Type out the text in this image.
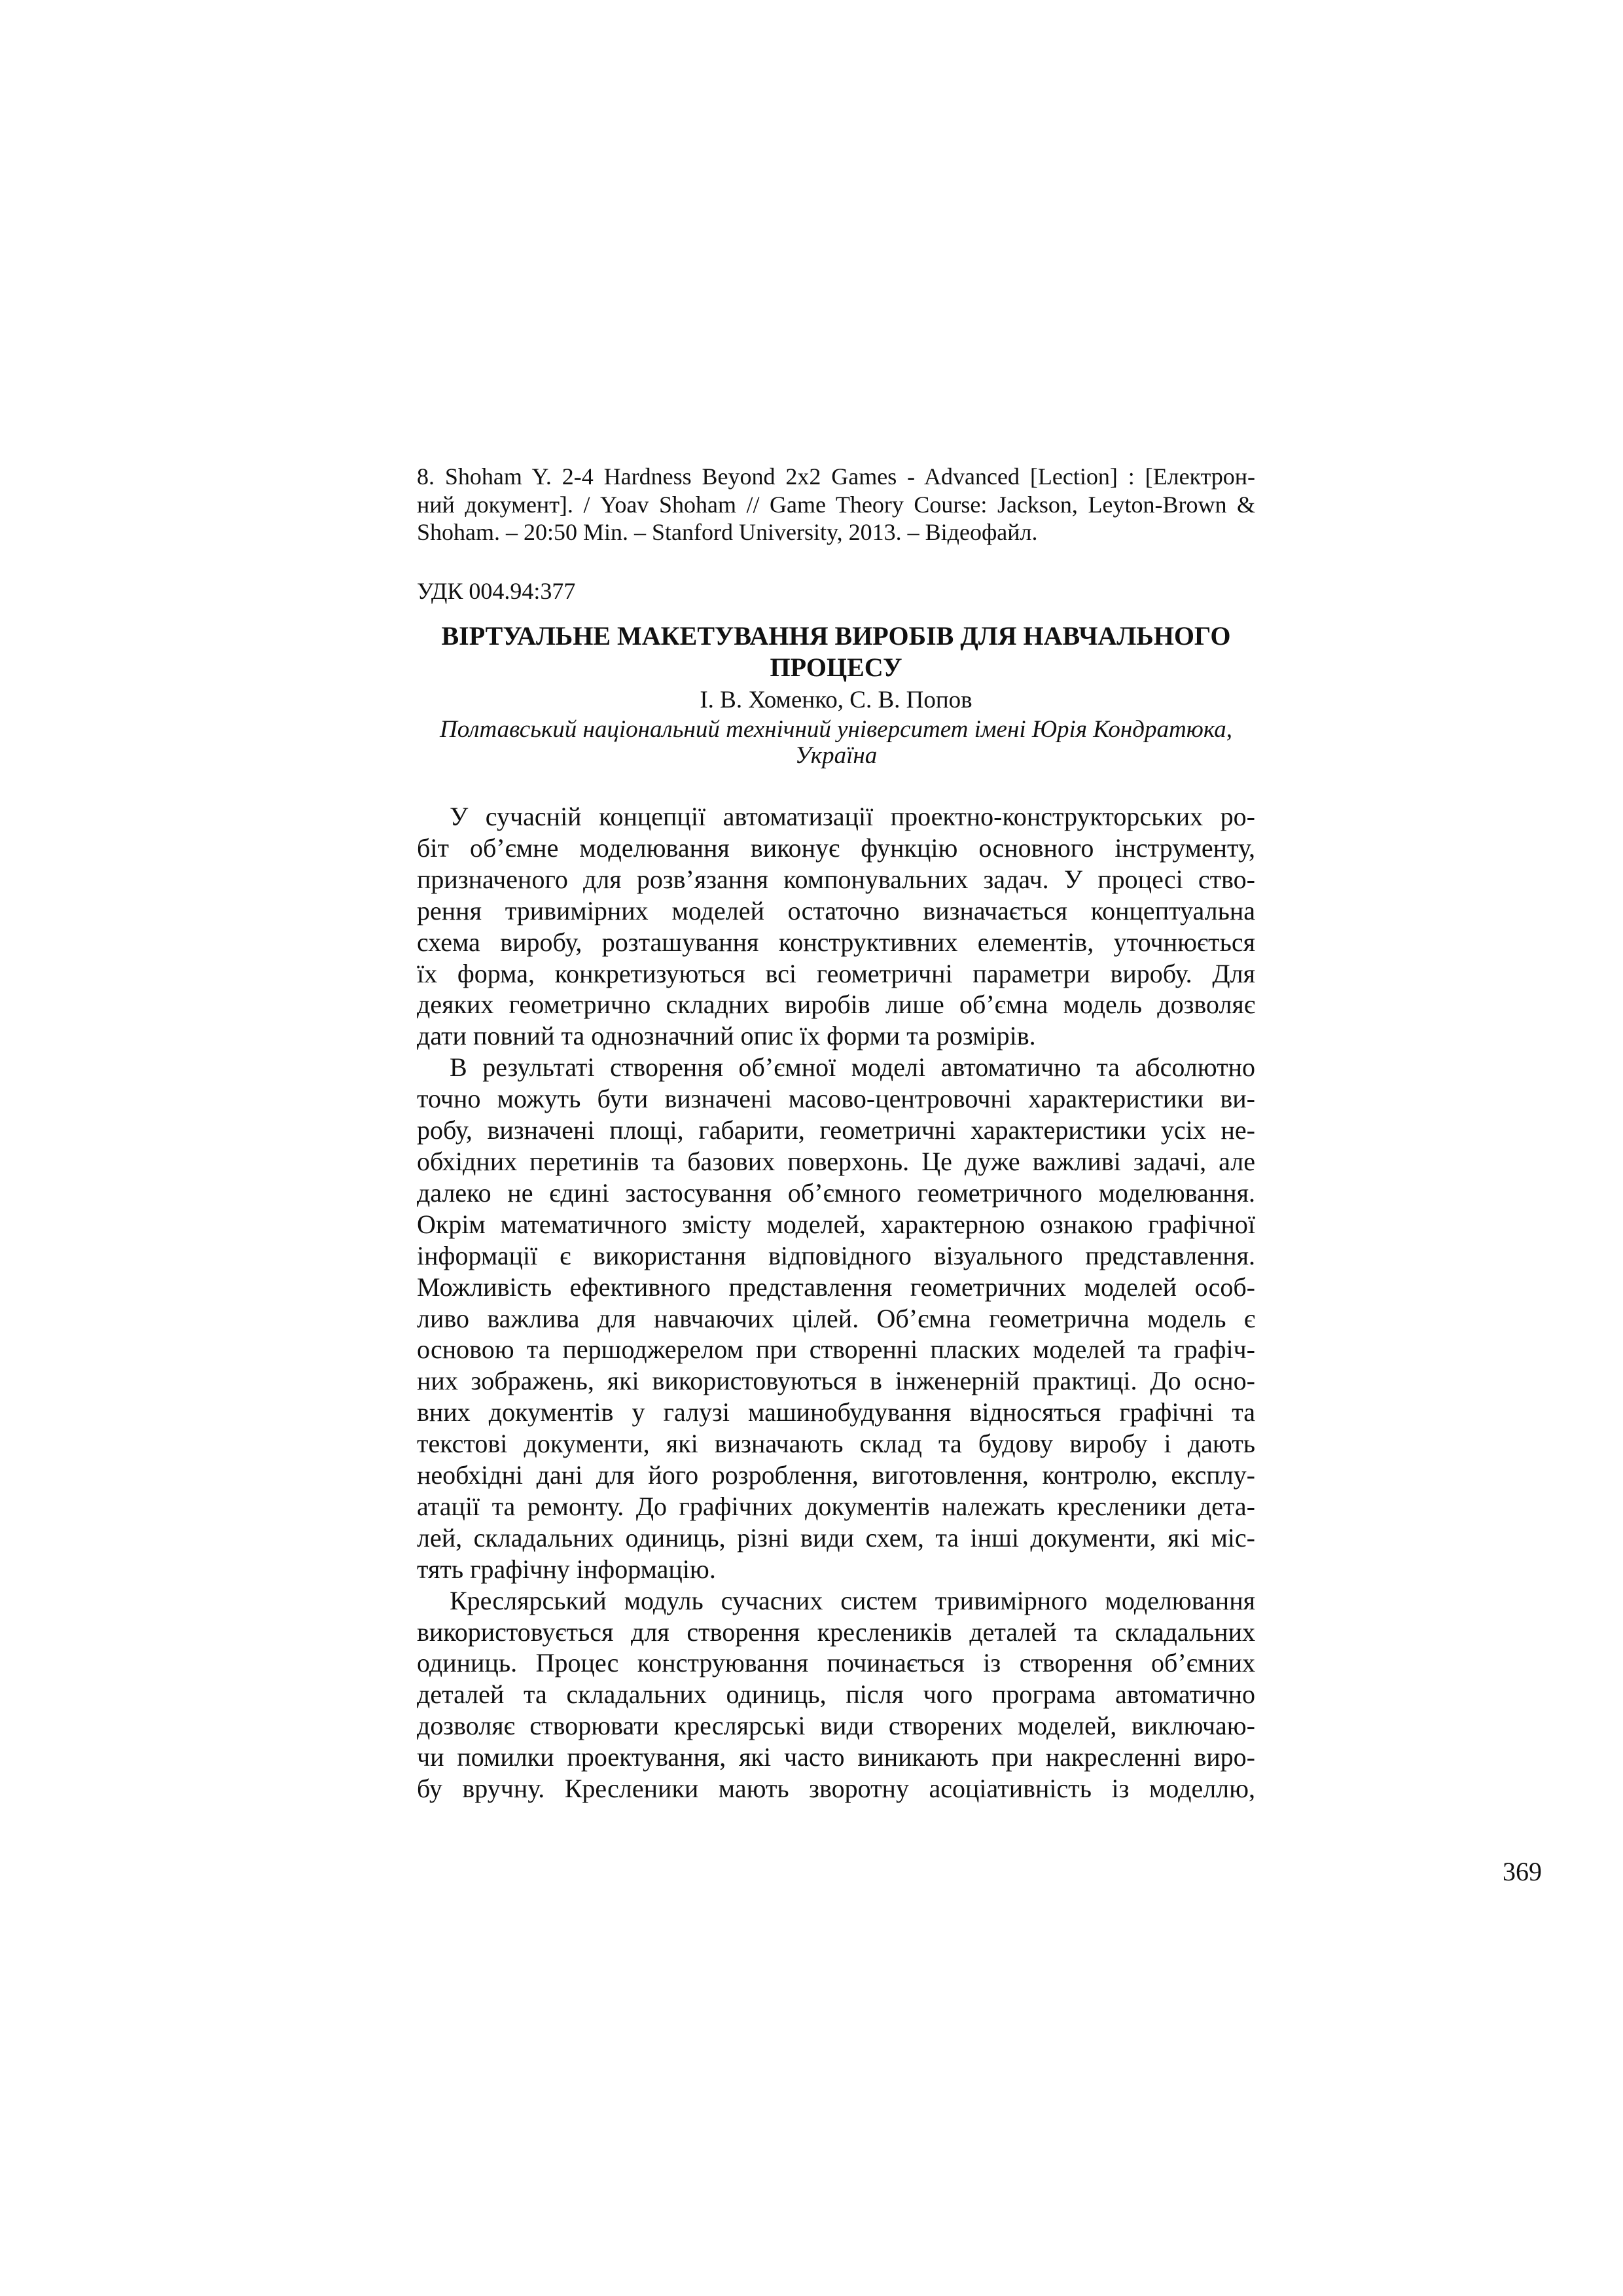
8. Shoham Y. 2-4 Hardness Beyond 2x2 Games - Advanced [Lection] : [Електрон-
ний документ]. / Yoav Shoham // Game Theory Course: Jackson, Leyton-Brown &
Shoham. – 20:50 Min. – Stanford University, 2013. – Відеофайл.
УДК 004.94:377
ВІРТУАЛЬНЕ МАКЕТУВАННЯ ВИРОБІВ ДЛЯ НАВЧАЛЬНОГО
ПРОЦЕСУ
І. В. Хоменко, С. В. Попов
Полтавський національний технічний університет імені Юрія Кондратюка,
Україна
У сучасній концепції автоматизації проектно-конструкторських ро-
біт об’ємне моделювання виконує функцію основного інструменту,
призначеного для розв’язання компонувальних задач. У процесі ство-
рення тривимірних моделей остаточно визначається концептуальна
схема виробу, розташування конструктивних елементів, уточнюється
їх форма, конкретизуються всі геометричні параметри виробу. Для
деяких геометрично складних виробів лише об’ємна модель дозволяє
дати повний та однозначний опис їх форми та розмірів.
В результаті створення об’ємної моделі автоматично та абсолютно
точно можуть бути визначені масово-центровочні характеристики ви-
робу, визначені площі, габарити, геометричні характеристики усіх не-
обхідних перетинів та базових поверхонь. Це дуже важливі задачі, але
далеко не єдині застосування об’ємного геометричного моделювання.
Окрім математичного змісту моделей, характерною ознакою графічної
інформації є використання відповідного візуального представлення.
Можливість ефективного представлення геометричних моделей особ-
ливо важлива для навчаючих цілей. Об’ємна геометрична модель є
основою та першоджерелом при створенні пласких моделей та графіч-
них зображень, які використовуються в інженерній практиці. До осно-
вних документів у галузі машинобудування відносяться графічні та
текстові документи, які визначають склад та будову виробу і дають
необхідні дані для його розроблення, виготовлення, контролю, експлу-
атації та ремонту. До графічних документів належать кресленики дета-
лей, складальних одиниць, різні види схем, та інші документи, які міс-
тять графічну інформацію.
Креслярський модуль сучасних систем тривимірного моделювання
використовується для створення креслеників деталей та складальних
одиниць. Процес конструювання починається із створення об’ємних
деталей та складальних одиниць, після чого програма автоматично
дозволяє створювати креслярські види створених моделей, виключаю-
чи помилки проектування, які часто виникають при накресленні виро-
бу вручну. Кресленики мають зворотну асоціативність із моделлю,
369
